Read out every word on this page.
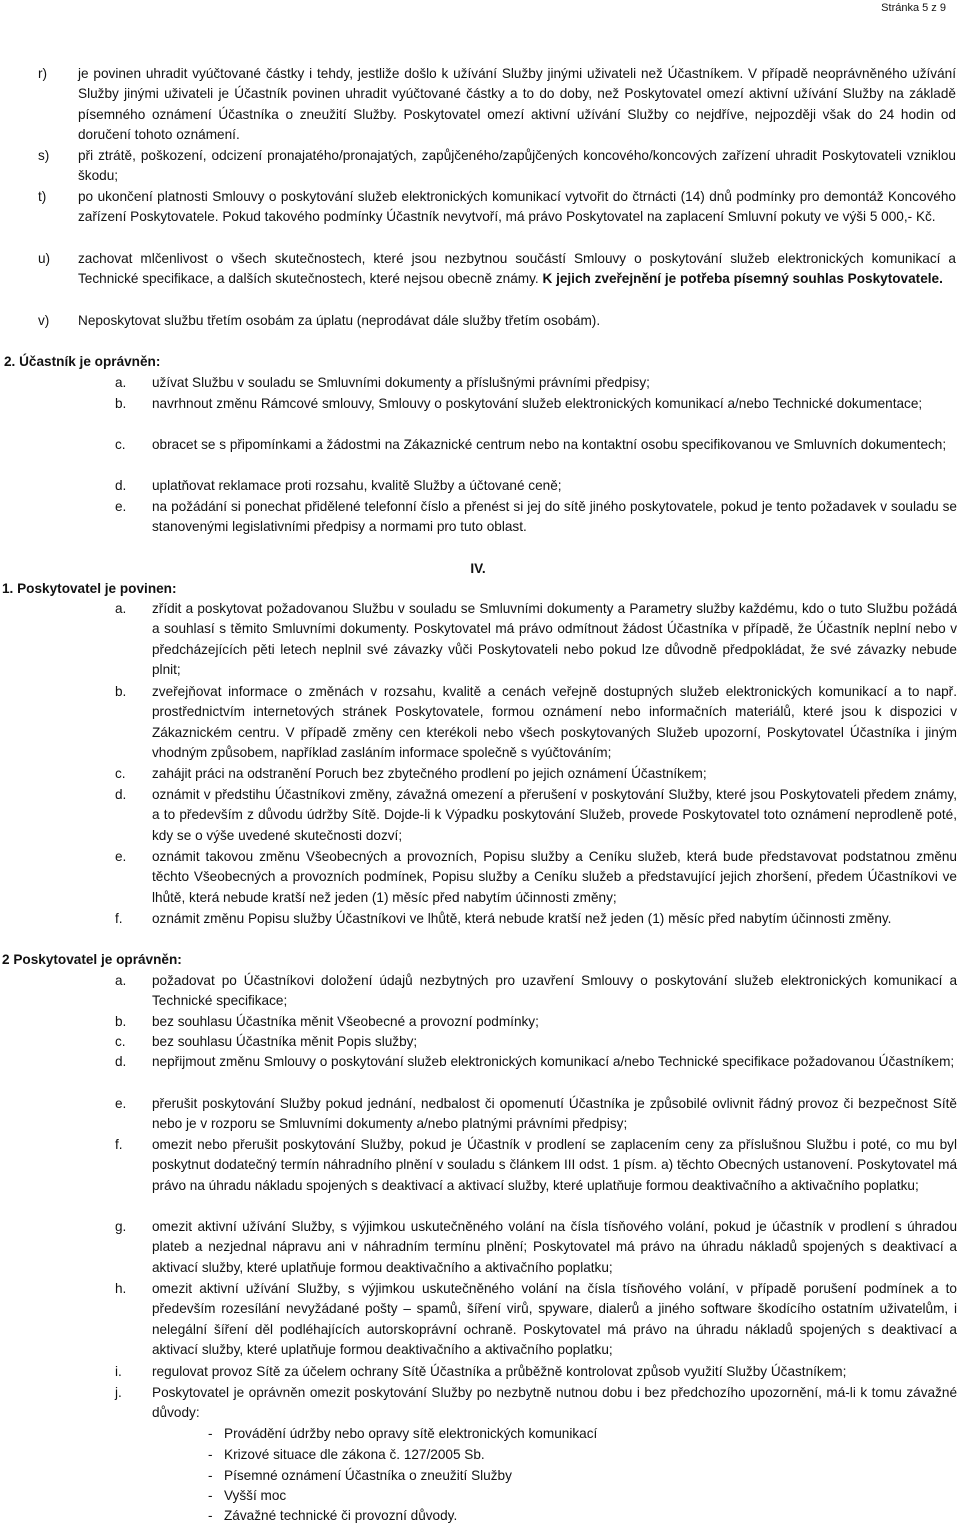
Stránka 5 z 9
r) je povinen uhradit vyúčtované částky i tehdy, jestliže došlo k užívání Služby jinými uživateli než Účastníkem. V případě neoprávněného užívání Služby jinými uživateli je Účastník povinen uhradit vyúčtované částky a to do doby, než Poskytovatel omezí aktivní užívání Služby na základě písemného oznámení Účastníka o zneužití Služby. Poskytovatel omezí aktivní užívání Služby co nejdříve, nejpozději však do 24 hodin od doručení tohoto oznámení.
s) při ztrátě, poškození, odcizení pronajatého/pronajatých, zapůjčeného/zapůjčených koncového/koncových zařízení uhradit Poskytovateli vzniklou škodu;
t) po ukončení platnosti Smlouvy o poskytování služeb elektronických komunikací vytvořit do čtrnácti (14) dnů podmínky pro demontáž Koncového zařízení Poskytovatele. Pokud takového podmínky Účastník nevytvoří, má právo Poskytovatel na zaplacení Smluvní pokuty ve výši 5 000,- Kč.
u) zachovat mlčenlivost o všech skutečnostech, které jsou nezbytnou součástí Smlouvy o poskytování služeb elektronických komunikací a Technické specifikace, a dalších skutečnostech, které nejsou obecně známy. K jejich zveřejnění je potřeba písemný souhlas Poskytovatele.
v) Neposkytovat službu třetím osobám za úplatu (neprodávat dále služby třetím osobám).
2. Účastník je oprávněn:
a. užívat Službu v souladu se Smluvními dokumenty a příslušnými právními předpisy;
b. navrhnout změnu Rámcové smlouvy, Smlouvy o poskytování služeb elektronických komunikací a/nebo Technické dokumentace;
c. obracet se s připomínkami a žádostmi na Zákaznické centrum nebo na kontaktní osobu specifikovanou ve Smluvních dokumentech;
d. uplatňovat reklamace proti rozsahu, kvalitě Služby a účtované ceně;
e. na požádání si ponechat přidělené telefonní číslo a přenést si jej do sítě jiného poskytovatele, pokud je tento požadavek v souladu se stanovenými legislativními předpisy a normami pro tuto oblast.
IV.
1. Poskytovatel je povinen:
a. zřídit a poskytovat požadovanou Službu v souladu se Smluvními dokumenty a Parametry služby každému, kdo o tuto Službu požádá a souhlasí s těmito Smluvními dokumenty. Poskytovatel má právo odmítnout žádost Účastníka v případě, že Účastník neplní nebo v předcházejících pěti letech neplnil své závazky vůči Poskytovateli nebo pokud lze důvodně předpokládat, že své závazky nebude plnit;
b. zveřejňovat informace o změnách v rozsahu, kvalitě a cenách veřejně dostupných služeb elektronických komunikací a to např. prostřednictvím internetových stránek Poskytovatele, formou oznámení nebo informačních materiálů, které jsou k dispozici v Zákaznickém centru. V případě změny cen kterékoli nebo všech poskytovaných Služeb upozorní, Poskytovatel Účastníka i jiným vhodným způsobem, například zasláním informace společně s vyúčtováním;
c. zahájit práci na odstranění Poruch bez zbytečného prodlení po jejich oznámení Účastníkem;
d. oznámit v předstihu Účastníkovi změny, závažná omezení a přerušení v poskytování Služby, které jsou Poskytovateli předem známy, a to především z důvodu údržby Sítě. Dojde-li k Výpadku poskytování Služeb, provede Poskytovatel toto oznámení neprodleně poté, kdy se o výše uvedené skutečnosti dozví;
e. oznámit takovou změnu Všeobecných a provozních, Popisu služby a Ceníku služeb, která bude představovat podstatnou změnu těchto Všeobecných a provozních podmínek, Popisu služby a Ceníku služeb a představující jejich zhoršení, předem Účastníkovi ve lhůtě, která nebude kratší než jeden (1) měsíc před nabytím účinnosti změny;
f. oznámit změnu Popisu služby Účastníkovi ve lhůtě, která nebude kratší než jeden (1) měsíc před nabytím účinnosti změny.
2 Poskytovatel je oprávněn:
a. požadovat po Účastníkovi doložení údajů nezbytných pro uzavření Smlouvy o poskytování služeb elektronických komunikací a Technické specifikace;
b. bez souhlasu Účastníka měnit Všeobecné a provozní podmínky;
c. bez souhlasu Účastníka měnit Popis služby;
d. nepřijmout změnu Smlouvy o poskytování služeb elektronických komunikací a/nebo Technické specifikace požadovanou Účastníkem;
e. přerušit poskytování Služby pokud jednání, nedbalost či opomenutí Účastníka je způsobilé ovlivnit řádný provoz či bezpečnost Sítě nebo je v rozporu se Smluvními dokumenty a/nebo platnými právními předpisy;
f. omezit nebo přerušit poskytování Služby, pokud je Účastník v prodlení se zaplacením ceny za příslušnou Službu i poté, co mu byl poskytnut dodatečný termín náhradního plnění v souladu s článkem III odst. 1 písm. a) těchto Obecných ustanovení. Poskytovatel má právo na úhradu nákladu spojených s deaktivací a aktivací služby, které uplatňuje formou deaktivačního a aktivačního poplatku;
g. omezit aktivní užívání Služby, s výjimkou uskutečněného volání na čísla tísňového volání, pokud je účastník v prodlení s úhradou plateb a nezjednal nápravu ani v náhradním termínu plnění; Poskytovatel má právo na úhradu nákladů spojených s deaktivací a aktivací služby, které uplatňuje formou deaktivačního a aktivačního poplatku;
h. omezit aktivní užívání Služby, s výjimkou uskutečněného volání na čísla tísňového volání, v případě porušení podmínek a to především rozesílání nevyžádané pošty – spamů, šíření virů, spyware, dialerů a jiného software škodícího ostatním uživatelům, i nelegální šíření děl podléhajících autorskoprávní ochraně. Poskytovatel má právo na úhradu nákladů spojených s deaktivací a aktivací služby, které uplatňuje formou deaktivačního a aktivačního poplatku;
i. regulovat provoz Sítě za účelem ochrany Sítě Účastníka a průběžně kontrolovat způsob využití Služby Účastníkem;
j. Poskytovatel je oprávněn omezit poskytování Služby po nezbytně nutnou dobu i bez předchozího upozornění, má-li k tomu závažné důvody:
- Provádění údržby nebo opravy sítě elektronických komunikací
- Krizové situace dle zákona č. 127/2005 Sb.
- Písemné oznámení Účastníka o zneužití Služby
- Vyšší moc
- Závažné technické či provozní důvody.
